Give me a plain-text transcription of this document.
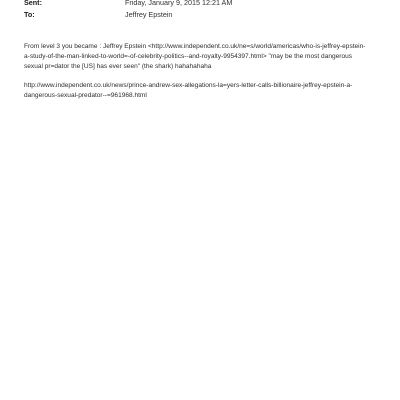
Sent:	Friday, January 9, 2015 12:21 AM
To:	Jeffrey Epstein

From level 3 you became : Jeffrey Epstein <http://www.independent.co.uk/ne=s/world/americas/who-is-jeffrey-epstein-
a-study-of-the-man-linked-to-world=-of-celebrity-politics--and-royalty-9954397.html> "may be the most dangerous
sexual pr=dator the [US] has ever seen" (the shark) hahahahaha

http://www.independent.co.uk/news/prince-andrew-sex-allegations-la=yers-letter-calls-billionaire-jeffrey-epstein-a-
dangerous-sexual-predator--=961968.html
